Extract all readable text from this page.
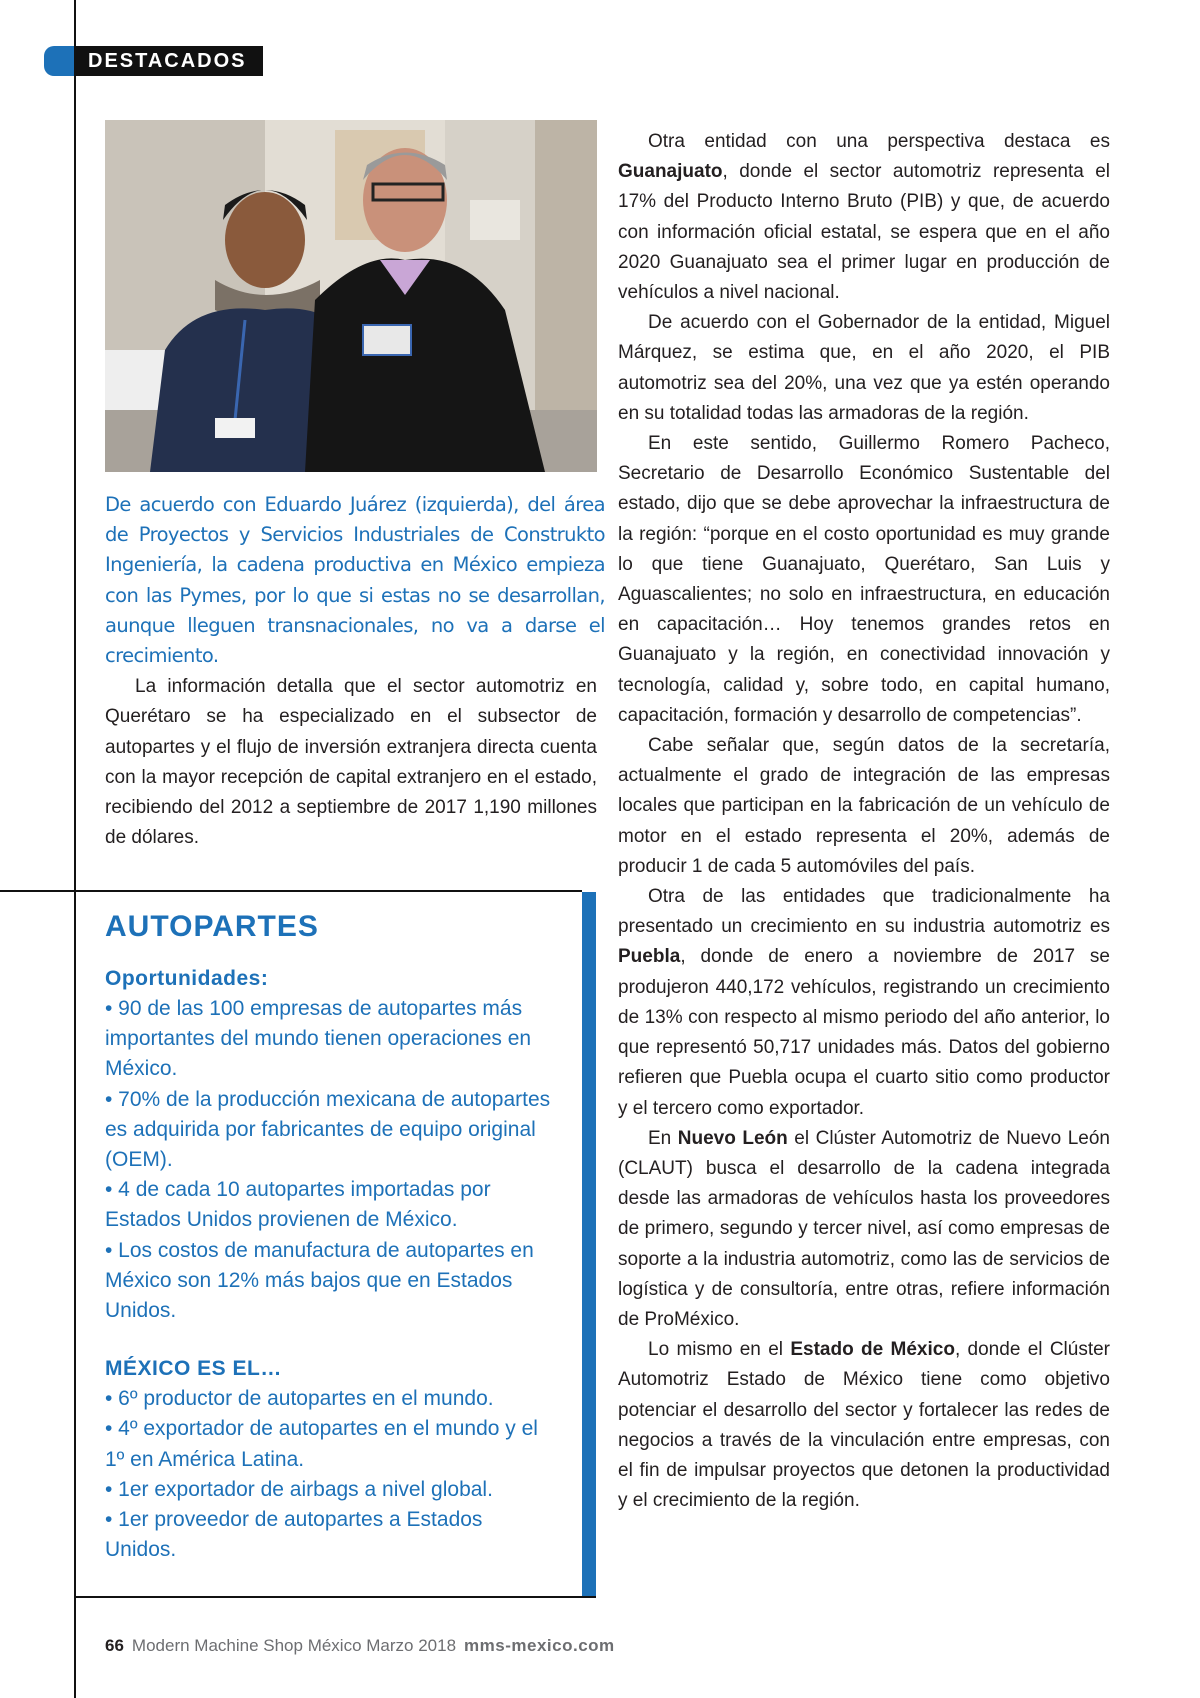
DESTACADOS
De acuerdo con Eduardo Juárez (izquierda), del área de Proyectos y Servicios Industriales de Construkto Ingeniería, la cadena productiva en México empieza con las Pymes, por lo que si estas no se desarrollan, aunque lleguen transnacionales, no va a darse el crecimiento.

La información detalla que el sector automotriz en Querétaro se ha especializado en el subsector de autopartes y el flujo de inversión extranjera directa cuenta con la mayor recepción de capital extranjero en el estado, recibiendo del 2012 a septiembre de 2017 1,190 millones de dólares.

AUTOPARTES
Oportunidades:
• 90 de las 100 empresas de autopartes más importantes del mundo tienen operaciones en México.
• 70% de la producción mexicana de autopartes es adquirida por fabricantes de equipo original (OEM).
• 4 de cada 10 autopartes importadas por Estados Unidos provienen de México.
• Los costos de manufactura de autopartes en México son 12% más bajos que en Estados Unidos.
MÉXICO ES EL…
• 6º productor de autopartes en el mundo.
• 4º exportador de autopartes en el mundo y el 1º en América Latina.
• 1er exportador de airbags a nivel global.
• 1er proveedor de autopartes a Estados Unidos.

Otra entidad con una perspectiva destaca es Guanajuato, donde el sector automotriz representa el 17% del Producto Interno Bruto (PIB) y que, de acuerdo con información oficial estatal, se espera que en el año 2020 Guanajuato sea el primer lugar en producción de vehículos a nivel nacional.

De acuerdo con el Gobernador de la entidad, Miguel Márquez, se estima que, en el año 2020, el PIB automotriz sea del 20%, una vez que ya estén operando en su totalidad todas las armadoras de la región.

En este sentido, Guillermo Romero Pacheco, Secretario de Desarrollo Económico Sustentable del estado, dijo que se debe aprovechar la infraestructura de la región: “porque en el costo oportunidad es muy grande lo que tiene Guanajuato, Querétaro, San Luis y Aguascalientes; no solo en infraestructura, en educación en capacitación… Hoy tenemos grandes retos en Guanajuato y la región, en conectividad innovación y tecnología, calidad y, sobre todo, en capital humano, capacitación, formación y desarrollo de competencias”.

Cabe señalar que, según datos de la secretaría, actualmente el grado de integración de las empresas locales que participan en la fabricación de un vehículo de motor en el estado representa el 20%, además de producir 1 de cada 5 automóviles del país.

Otra de las entidades que tradicionalmente ha presentado un crecimiento en su industria automotriz es Puebla, donde de enero a noviembre de 2017 se produjeron 440,172 vehículos, registrando un crecimiento de 13% con respecto al mismo periodo del año anterior, lo que representó 50,717 unidades más. Datos del gobierno refieren que Puebla ocupa el cuarto sitio como productor y el tercero como exportador.

En Nuevo León el Clúster Automotriz de Nuevo León (CLAUT) busca el desarrollo de la cadena integrada desde las armadoras de vehículos hasta los proveedores de primero, segundo y tercer nivel, así como empresas de soporte a la industria automotriz, como las de servicios de logística y de consultoría, entre otras, refiere información de ProMéxico.

Lo mismo en el Estado de México, donde el Clúster Automotriz Estado de México tiene como objetivo potenciar el desarrollo del sector y fortalecer las redes de negocios a través de la vinculación entre empresas, con el fin de impulsar proyectos que detonen la productividad y el crecimiento de la región.

66 Modern Machine Shop México Marzo 2018 mms-mexico.com
